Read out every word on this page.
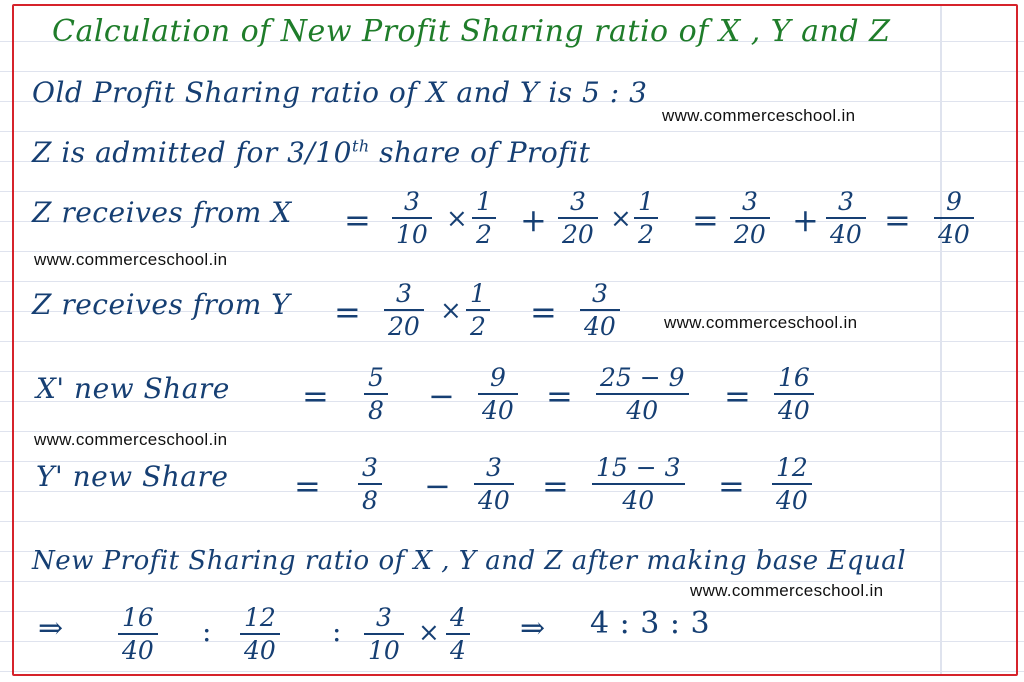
Calculation of New Profit Sharing ratio of X , Y and Z
Old Profit Sharing ratio of X and Y is 5 : 3
www.commerceschool.in
Z is admitted for 3/10th share of Profit
Z receives from X = 3
10 ×
1
2 + 3
20 ×
1
2 = 3
20 + 3
40 = 9
40
www.commerceschool.in
Z receives from Y = 3
20 ×
1
2 = 3
40	www.commerceschool.in
X' new Share = 5
8 − 9
40 = 25 − 9
40 = 16
40
www.commerceschool.in
Y' new Share = 3
8 − 3
40 = 15 − 3
40 = 12
40
New Profit Sharing ratio of X , Y and Z after making base Equal
www.commerceschool.in
⇒ 16
40
: 12
40
: 3
10
×
4
4
⇒ 4 : 3 : 3
